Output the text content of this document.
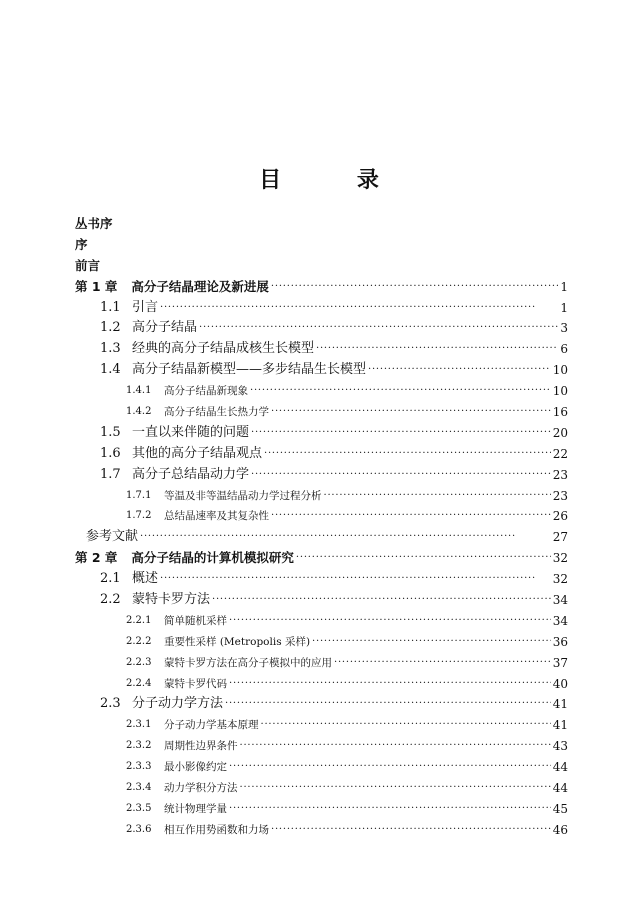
目 录
丛书序
序
前言
第 1 章 高分子结晶理论及新进展 · · ·	1
1.1 引言 · · ·	1
1.2 高分子结晶 · · ·	3
1.3 经典的高分子结晶成核生长模型 · · ·	6
1.4 高分子结晶新模型——多步结晶生长模型 · · ·	10
1.4.1	高分子结晶新现象 · · ·	10
1.4.2	高分子结晶生长热力学 · · ·	16
1.5 一直以来伴随的问题 · · ·	20
1.6 其他的高分子结晶观点 · · ·	22
1.7 高分子总结晶动力学 · · ·	23
1.7.1	等温及非等温结晶动力学过程分析 · · ·	23
1.7.2	总结晶速率及其复杂性 · · ·	26
参考文献 · · ·	27
第 2 章 高分子结晶的计算机模拟研究 · · ·	32
2.1 概述 · · ·	32
2.2 蒙特卡罗方法 · · ·	34
2.2.1	简单随机采样 · · ·	34
2.2.2	重要性采样 (Metropolis 采样) · · ·	36
2.2.3	蒙特卡罗方法在高分子模拟中的应用 · · ·	37
2.2.4	蒙特卡罗代码 · · ·	40
2.3 分子动力学方法 · · ·	41
2.3.1	分子动力学基本原理 · · ·	41
2.3.2	周期性边界条件 · · ·	43
2.3.3	最小影像约定 · · ·	44
2.3.4	动力学积分方法 · · ·	44
2.3.5	统计物理学量 · · ·	45
2.3.6	相互作用势函数和力场 · · ·	46
